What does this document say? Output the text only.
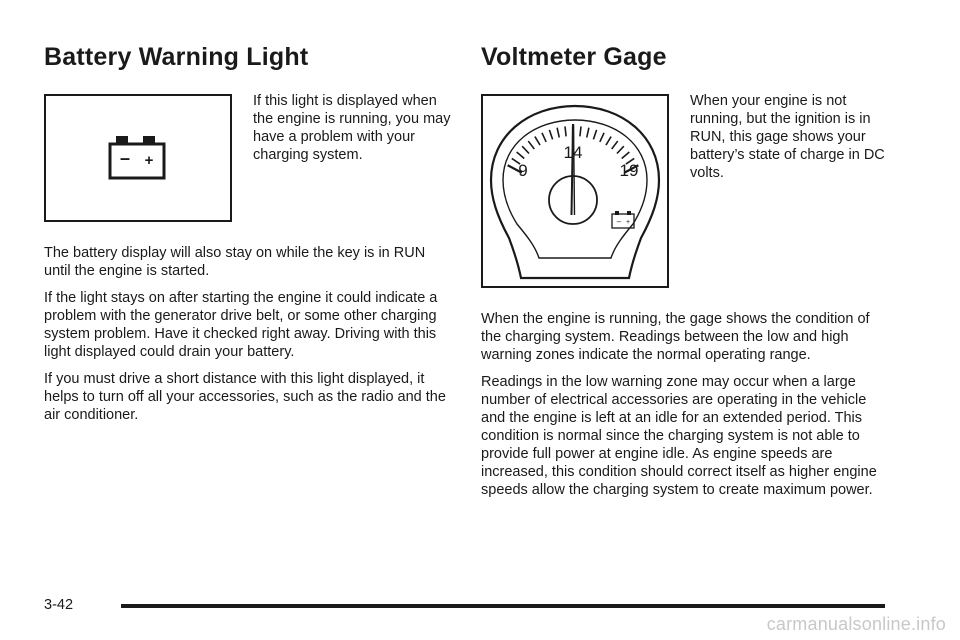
Battery Warning Light
– +
If this light is displayed when the engine is running, you may have a problem with your charging system.

The battery display will also stay on while the key is in RUN until the engine is started.

If the light stays on after starting the engine it could indicate a problem with the generator drive belt, or some other charging system problem. Have it checked right away. Driving with this light displayed could drain your battery.

If you must drive a short distance with this light displayed, it helps to turn off all your accessories, such as the radio and the air conditioner.

Voltmeter Gage
9
14
19
– +
When your engine is not running, but the ignition is in RUN, this gage shows your battery’s state of charge in DC volts.

When the engine is running, the gage shows the condition of the charging system. Readings between the low and high warning zones indicate the normal operating range.

Readings in the low warning zone may occur when a large number of electrical accessories are operating in the vehicle and the engine is left at an idle for an extended period. This condition is normal since the charging system is not able to provide full power at engine idle. As engine speeds are increased, this condition should correct itself as higher engine speeds allow the charging system to create maximum power.

3-42
carmanualsonline.info
